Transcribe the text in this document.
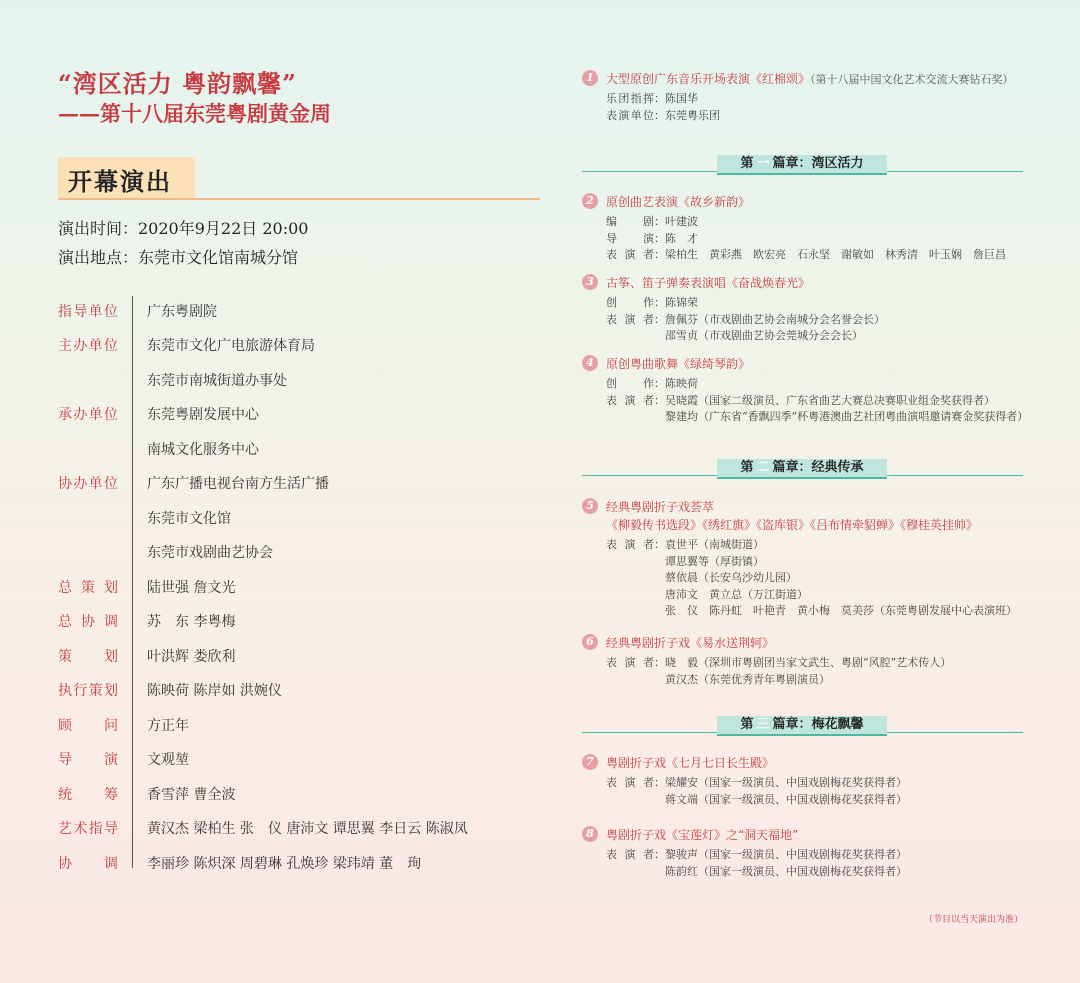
“湾区活力 粤韵飘馨”
——第十八届东莞粤剧黄金周
开幕演出
演出时间：2020年9月22日 20:00
演出地点：东莞市文化馆南城分馆
指导单位 广东粤剧院
主办单位 东莞市文化广电旅游体育局
东莞市南城街道办事处
承办单位 东莞粤剧发展中心
南城文化服务中心
协办单位 广东广播电视台南方生活广播
东莞市文化馆
东莞市戏剧曲艺协会
总策划 陆世强 詹文光
总协调 苏　东 李粤梅
策划 叶洪辉 娄欣利
执行策划 陈映荷 陈岸如 洪婉仪
顾问 方正年
导演 文观堃
统筹 香雪萍 曹全波
艺术指导 黄汉杰 梁柏生 张　仪 唐沛文 谭思翼 李日云 陈淑凤
协调 李丽珍 陈炽深 周碧琳 孔焕珍 梁玮靖 董　珣
1	大型原创广东音乐开场表演《红棉颂》（第十八届中国文化艺术交流大赛钻石奖）
乐团指挥：陈国华
表演单位：东莞粤乐团
第 一 篇章：湾区活力
2	原创曲艺表演《故乡新韵》
编剧：叶建波
导演：陈　才
表演者：梁柏生　黄彩燕　欧宏亮　石永坚　谢敏如　林秀清　叶玉娴　詹巨昌
3	古筝、笛子弹奏表演唱《奋战焕春光》
创作：陈锦荣
表演者：詹佩芬（市戏剧曲艺协会南城分会名誉会长）
　邵雪贞（市戏剧曲艺协会莞城分会会长）
4	原创粤曲歌舞《绿绮琴韵》
创作：陈映荷
表演者：吴晓霞（国家二级演员、广东省曲艺大赛总决赛职业组金奖获得者）
　黎建均（广东省“香飘四季”杯粤港澳曲艺社团粤曲演唱邀请赛金奖获得者）
第 二 篇章：经典传承
5	经典粤剧折子戏荟萃
《柳毅传书选段》《绣红旗》《盗库银》《吕布情牵貂蝉》《穆桂英挂帅》
表演者：袁世平（南城街道）
　谭思翼等（厚街镇）
　蔡依晨（长安乌沙幼儿园）
　唐沛文　黄立总（万江街道）
　张　仪　陈丹虹　叶艳青　黄小梅　莫美莎（东莞粤剧发展中心表演班）
6	经典粤剧折子戏《易水送荆轲》
表演者：晓　毅（深圳市粤剧团当家文武生、粤剧“风腔”艺术传人）
　黄汉杰（东莞优秀青年粤剧演员）
第 三 篇章：梅花飘馨
7	粤剧折子戏《七月七日长生殿》
表演者：梁耀安（国家一级演员、中国戏剧梅花奖获得者）
　蒋文端（国家一级演员、中国戏剧梅花奖获得者）
8	粤剧折子戏《宝莲灯》之“洞天福地”
表演者：黎骏声（国家一级演员、中国戏剧梅花奖获得者）
　陈韵红（国家一级演员、中国戏剧梅花奖获得者）
（节目以当天演出为准）
